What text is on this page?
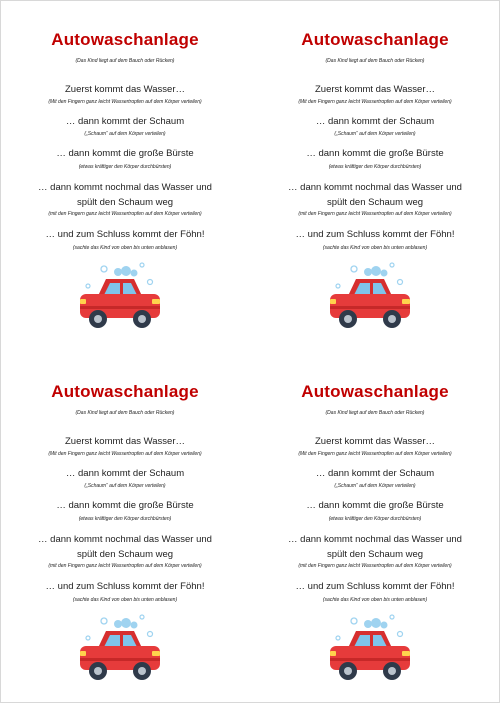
Autowaschanlage
(Das Kind liegt auf dem Bauch oder Rücken)
Zuerst kommt das Wasser…
(Mit den Fingern ganz leicht Wassertropfen auf dem Körper verteilen)
… dann kommt der Schaum
(„Schaum“ auf dem Körper verteilen)
… dann kommt die große Bürste
(etwas kräftiger den Körper durchbürsten)
… dann kommt nochmal das Wasser und
spült den Schaum weg
(mit den Fingern ganz leicht Wassertropfen auf dem Körper verteilen)
… und zum Schluss kommt der Föhn!
(sachte das Kind von oben bis unten anblasen)
Autowaschanlage
(Das Kind liegt auf dem Bauch oder Rücken)
Zuerst kommt das Wasser…
(Mit den Fingern ganz leicht Wassertropfen auf dem Körper verteilen)
… dann kommt der Schaum
(„Schaum“ auf dem Körper verteilen)
… dann kommt die große Bürste
(etwas kräftiger den Körper durchbürsten)
… dann kommt nochmal das Wasser und
spült den Schaum weg
(mit den Fingern ganz leicht Wassertropfen auf dem Körper verteilen)
… und zum Schluss kommt der Föhn!
(sachte das Kind von oben bis unten anblasen)
Autowaschanlage
(Das Kind liegt auf dem Bauch oder Rücken)
Zuerst kommt das Wasser…
(Mit den Fingern ganz leicht Wassertropfen auf dem Körper verteilen)
… dann kommt der Schaum
(„Schaum“ auf dem Körper verteilen)
… dann kommt die große Bürste
(etwas kräftiger den Körper durchbürsten)
… dann kommt nochmal das Wasser und
spült den Schaum weg
(mit den Fingern ganz leicht Wassertropfen auf dem Körper verteilen)
… und zum Schluss kommt der Föhn!
(sachte das Kind von oben bis unten anblasen)
Autowaschanlage
(Das Kind liegt auf dem Bauch oder Rücken)
Zuerst kommt das Wasser…
(Mit den Fingern ganz leicht Wassertropfen auf dem Körper verteilen)
… dann kommt der Schaum
(„Schaum“ auf dem Körper verteilen)
… dann kommt die große Bürste
(etwas kräftiger den Körper durchbürsten)
… dann kommt nochmal das Wasser und
spült den Schaum weg
(mit den Fingern ganz leicht Wassertropfen auf dem Körper verteilen)
… und zum Schluss kommt der Föhn!
(sachte das Kind von oben bis unten anblasen)
